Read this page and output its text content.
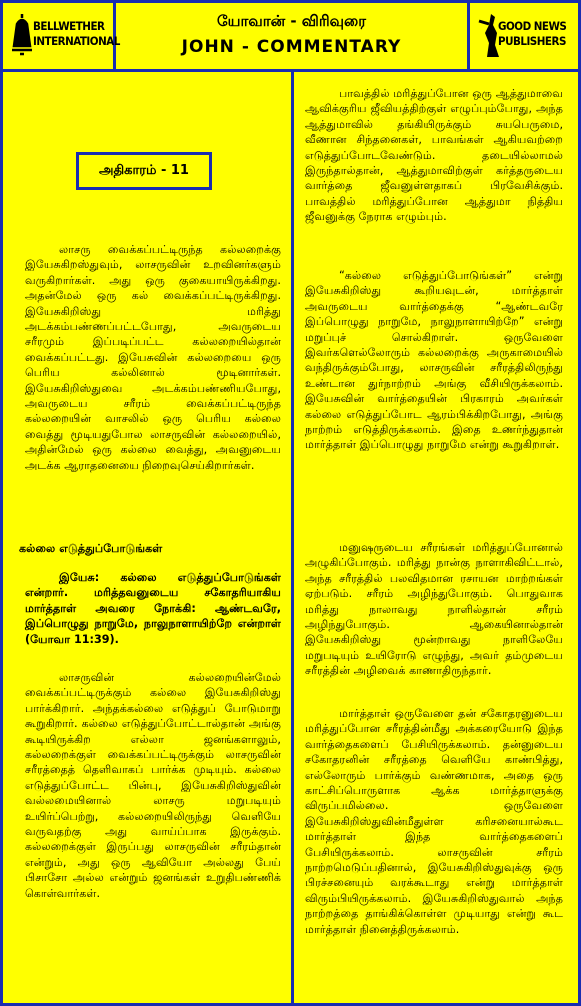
BELLWETHER
INTERNATIONAL
யோவான் - விரிவுரை
JOHN - COMMENTARY
GOOD NEWS
PUBLISHERS
அதிகாரம் - 11
லாசரு வைக்கப்பட்டிருந்த கல்லறைக்கு இயேசுகிறஸ்துவும், லாசருவின் உறவினர்களும் வருகிறார்கள். அது ஒரு குகையாயிருக்கிறது. அதன்மேல் ஒரு கல் வைக்கப்பட்டிருக்கிறது. இயேசுகிறிஸ்து மரித்து அடக்கம்பண்ணப்பட்டபோது, அவருடைய சரீரமும் இப்படிப்பட்ட கல்லறையில்தான் வைக்கப்பட்டது. இயேசுவின் கல்லறையை ஒரு பெரிய கல்லினால் மூடினார்கள். இயேசுகிறிஸ்துவை அடக்கம்பண்ணியபோது, அவருடைய சரீரம் வைக்கப்பட்டிருந்த கல்லறையின் வாசலில் ஒரு பெரிய கல்லை வைத்து மூடியதுபோல லாசருவின் கல்லறையில், அதின்மேல் ஒரு கல்லை வைத்து, அவனுடைய அடக்க ஆராதனையை நிறைவுசெய்கிறார்கள்.
கல்லை எடுத்துப்போடுங்கள்
இயேசு: கல்லை எடுத்துப்போடுங்கள் என்றார். மரித்தவனுடைய சகோதரியாகிய மார்த்தாள் அவரை நோக்கி: ஆண்டவரே, இப்பொழுது நாறுமே, நாலுநாளாயிற்றே என்றாள் (யோவா 11:39).
லாசருவின் கல்லறையின்மேல் வைக்கப்பட்டிருக்கும் கல்லை இயேசுகிறிஸ்து பார்க்கிறார். அந்தக்கல்லை எடுத்துப் போடுமாறு கூறுகிறார். கல்லை எடுத்துப்போட்டால்தான் அங்கு கூடியிருக்கிற எல்லா ஜனங்களாலும், கல்லறைக்குள் வைக்கப்பட்டிருக்கும் லாசருவின் சரீரத்தைத் தெளிவாகப் பார்க்க முடியும். கல்லை எடுத்துப்போட்ட பின்பு, இயேசுகிறிஸ்துவின் வல்லமையினால் லாசரு மறுபடியும் உயிர்ப்பெற்று, கல்லறையிலிருந்து வெளியே வருவதற்கு அது வாய்ப்பாக இருக்கும். கல்லறைக்குள் இருப்பது லாசருவின் சரீரம்தான் என்றும், அது ஒரு ஆவியோ அல்லது பேய் பிசாசோ அல்ல என்றும் ஜனங்கள் உறுதிபண்ணிக் கொள்வார்கள்.
பாவத்தில் மரித்துப்போன ஒரு ஆத்துமாவை ஆவிக்குரிய ஜீவியத்திற்குள் எழுப்பும்போது, அந்த ஆத்துமாவில் தங்கியிருக்கும் சுயபெருமை, வீணான சிந்தனைகள், பாவங்கள் ஆகியவற்றை எடுத்துப்போடவேண்டும். தடையில்லாமல் இருந்தால்தான், ஆத்துமாவிற்குள் கர்த்தருடைய வார்த்தை ஜீவனுள்ளதாகப் பிரவேசிக்கும். பாவத்தில் மரித்துப்போன ஆத்துமா நித்திய ஜீவனுக்கு நேராக எழும்பும்.
“கல்லை எடுத்துப்போடுங்கள்” என்று இயேசுகிறிஸ்து கூறியவுடன், மார்த்தாள் அவருடைய வார்த்தைக்கு “ஆண்டவரே இப்பொழுது நாறுமே, நாலுநாளாயிற்றே” என்று மறுப்புச் சொல்கிறாள். ஒருவேளை இவர்களெல்லோரும் கல்லறைக்கு அருகாமையில் வந்திருக்கும்போது, லாசருவின் சரீரத்திலிருந்து உண்டான துர்நாற்றம் அங்கு வீசியிருக்கலாம். இயேசுவின் வார்த்தையின் பிரகாரம் அவர்கள் கல்லை எடுத்துப்போட ஆரம்பிக்கிறபோது, அங்கு நாற்றம் எடுத்திருக்கலாம். இதை உணர்ந்துதான் மார்த்தாள் இப்பொழுது நாறுமே என்று கூறுகிறாள்.
மனுஷருடைய சரீரங்கள் மரித்துப்போனால் அழுகிப்போகும். மரித்து நான்கு நாளாகிவிட்டால், அந்த சரீரத்தில் பலவிதமான ரசாயன மாற்றங்கள் ஏற்படும். சரீரம் அழிந்துபோகும். பொதுவாக மரித்து நாலாவது நாளில்தான் சரீரம் அழிந்துபோகும். ஆகையினால்தான் இயேசுகிறிஸ்து மூன்றாவது நாளிலேயே மறுபடியும் உயிரோடு எழுந்து, அவர் தம்முடைய சரீரத்தின் அழிவைக் காணாதிருந்தார்.
மார்த்தாள் ஒருவேளை தன் சகோதரனுடைய மரித்துப்போன சரீரத்தின்மீது அக்கரையோடு இந்த வார்த்தைகளைப் பேசியிருக்கலாம். தன்னுடைய சகோதரனின் சரீரத்தை வெளியே காண்பித்து, எல்லோரும் பார்க்கும் வண்ணமாக, அதை ஒரு காட்சிப்பொருளாக ஆக்க மார்த்தாளுக்கு விருப்பமில்லை. ஒருவேளை இயேசுகிறிஸ்துவின்மீதுள்ள கரிசனையால்கூட மார்த்தாள் இந்த வார்த்தைகளைப் பேசியிருக்கலாம். லாசருவின் சரீரம் நாற்றமெடுப்பதினால், இயேசுகிறிஸ்துவுக்கு ஒரு பிரச்சனையும் வரக்கூடாது என்று மார்த்தாள் விரும்பியிருக்கலாம். இயேசுகிறிஸ்துவால் அந்த நாற்றத்தை தாங்கிக்கொள்ள முடியாது என்று கூட மார்த்தாள் நினைத்திருக்கலாம்.
